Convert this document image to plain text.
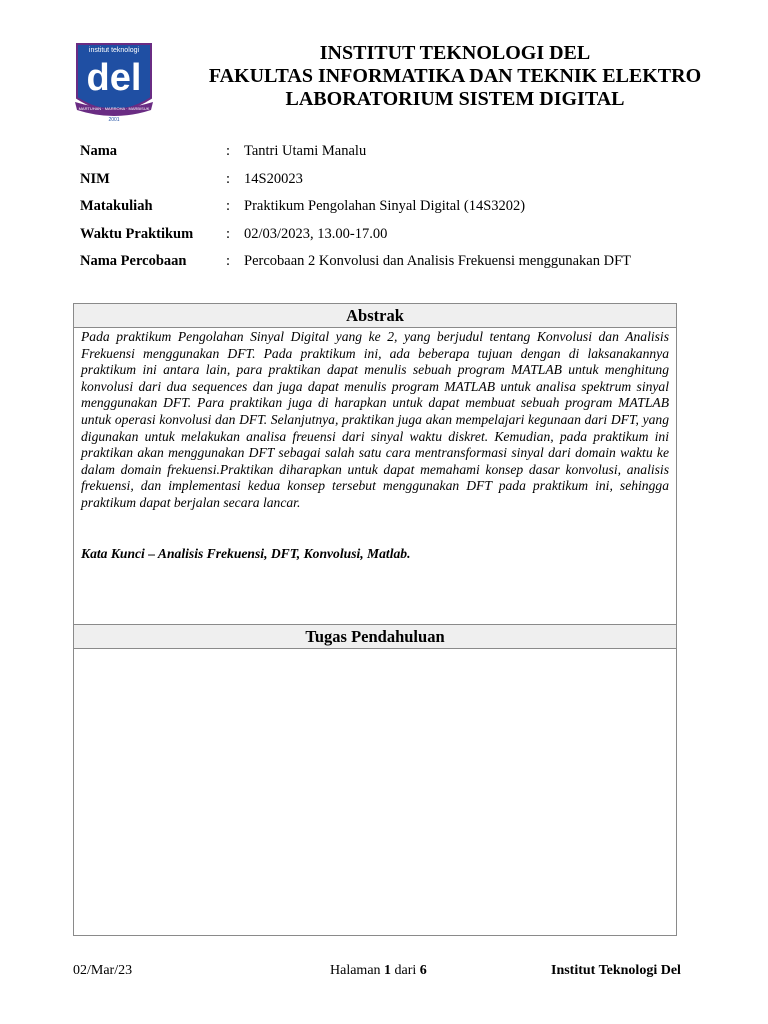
institut teknologi
del
MARTUHAN · MARROHA · MARBISUK
2001
INSTITUT TEKNOLOGI DEL
FAKULTAS INFORMATIKA DAN TEKNIK ELEKTRO
LABORATORIUM SISTEM DIGITAL
Nama	: Tantri Utami Manalu
NIM	: 14S20023
Matakuliah	: Praktikum Pengolahan Sinyal Digital (14S3202)
Waktu Praktikum : 02/03/2023, 13.00-17.00
Nama Percobaan	: Percobaan 2 Konvolusi dan Analisis Frekuensi menggunakan DFT
Abstrak
Pada praktikum Pengolahan Sinyal Digital yang ke 2, yang berjudul tentang Konvolusi dan Analisis Frekuensi menggunakan DFT. Pada praktikum ini, ada beberapa tujuan dengan di laksanakannya praktikum ini antara lain, para praktikan dapat menulis sebuah program MATLAB untuk menghitung konvolusi dari dua sequences dan juga dapat menulis program MATLAB untuk analisa spektrum sinyal menggunakan DFT. Para praktikan juga di harapkan untuk dapat membuat sebuah program MATLAB untuk operasi konvolusi dan DFT. Selanjutnya, praktikan juga akan mempelajari kegunaan dari DFT, yang digunakan untuk melakukan analisa freuensi dari sinyal waktu diskret. Kemudian, pada praktikum ini praktikan akan menggunakan DFT sebagai salah satu cara mentransformasi sinyal dari domain waktu ke dalam domain frekuensi.Praktikan diharapkan untuk dapat memahami konsep dasar konvolusi, analisis frekuensi, dan implementasi kedua konsep tersebut menggunakan DFT pada praktikum ini, sehingga praktikum dapat berjalan secara lancar.
Kata Kunci – Analisis Frekuensi, DFT, Konvolusi, Matlab.
Tugas Pendahuluan
02/Mar/23	Halaman 1 dari 6	Institut Teknologi Del
